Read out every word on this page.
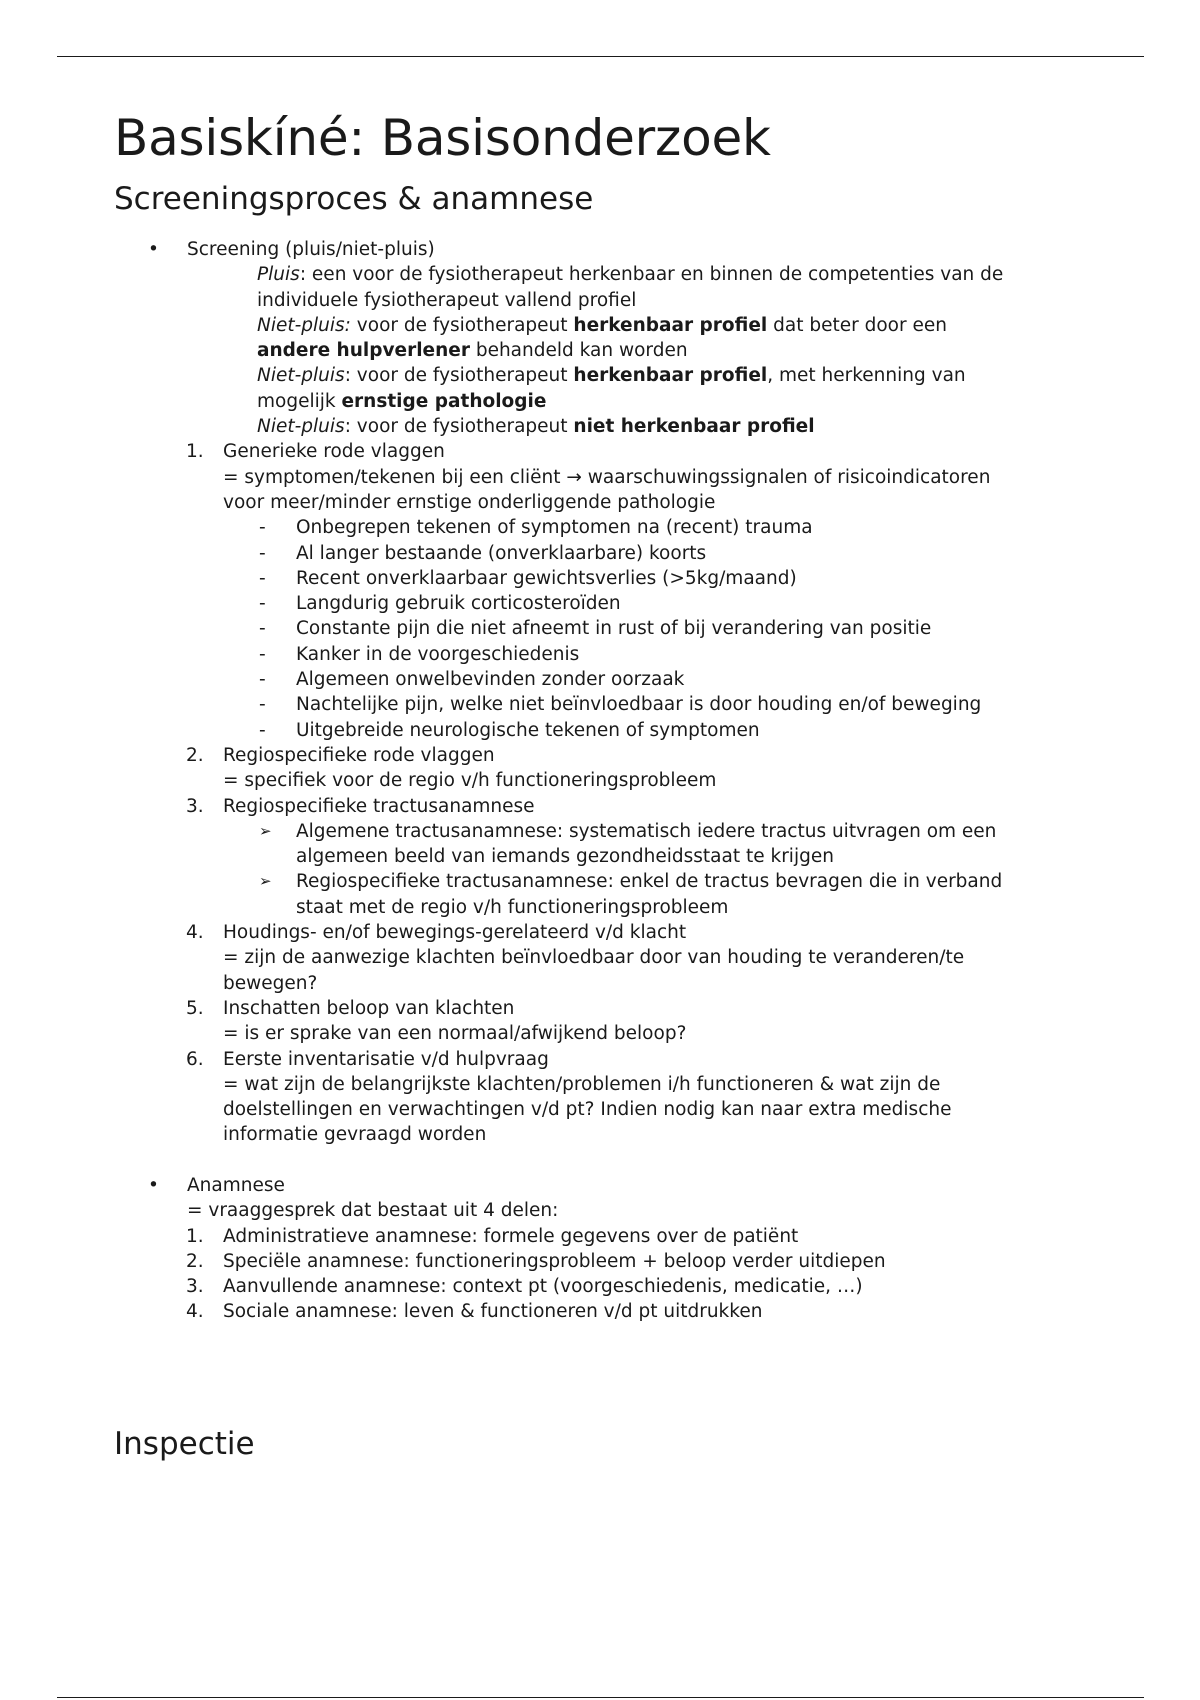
Basiskíné: Basisonderzoek
Screeningsproces & anamnese
• Screening (pluis/niet-pluis)
Pluis: een voor de fysiotherapeut herkenbaar en binnen de competenties van de
individuele fysiotherapeut vallend profiel
Niet-pluis: voor de fysiotherapeut herkenbaar profiel dat beter door een
andere hulpverlener behandeld kan worden
Niet-pluis: voor de fysiotherapeut herkenbaar profiel, met herkenning van
mogelijk ernstige pathologie
Niet-pluis: voor de fysiotherapeut niet herkenbaar profiel
1. Generieke rode vlaggen
= symptomen/tekenen bij een cliënt → waarschuwingssignalen of risicoindicatoren
voor meer/minder ernstige onderliggende pathologie
- Onbegrepen tekenen of symptomen na (recent) trauma
- Al langer bestaande (onverklaarbare) koorts
- Recent onverklaarbaar gewichtsverlies (>5kg/maand)
- Langdurig gebruik corticosteroïden
- Constante pijn die niet afneemt in rust of bij verandering van positie
- Kanker in de voorgeschiedenis
- Algemeen onwelbevinden zonder oorzaak
- Nachtelijke pijn, welke niet beïnvloedbaar is door houding en/of beweging
- Uitgebreide neurologische tekenen of symptomen
2. Regiospecifieke rode vlaggen
= specifiek voor de regio v/h functioneringsprobleem
3. Regiospecifieke tractusanamnese
➢ Algemene tractusanamnese: systematisch iedere tractus uitvragen om een
algemeen beeld van iemands gezondheidsstaat te krijgen
➢ Regiospecifieke tractusanamnese: enkel de tractus bevragen die in verband
staat met de regio v/h functioneringsprobleem
4. Houdings- en/of bewegings-gerelateerd v/d klacht
= zijn de aanwezige klachten beïnvloedbaar door van houding te veranderen/te
bewegen?
5. Inschatten beloop van klachten
= is er sprake van een normaal/afwijkend beloop?
6. Eerste inventarisatie v/d hulpvraag
= wat zijn de belangrijkste klachten/problemen i/h functioneren & wat zijn de
doelstellingen en verwachtingen v/d pt? Indien nodig kan naar extra medische
informatie gevraagd worden
• Anamnese
= vraaggesprek dat bestaat uit 4 delen:
1. Administratieve anamnese: formele gegevens over de patiënt
2. Speciële anamnese: functioneringsprobleem + beloop verder uitdiepen
3. Aanvullende anamnese: context pt (voorgeschiedenis, medicatie, …)
4. Sociale anamnese: leven & functioneren v/d pt uitdrukken
Inspectie
